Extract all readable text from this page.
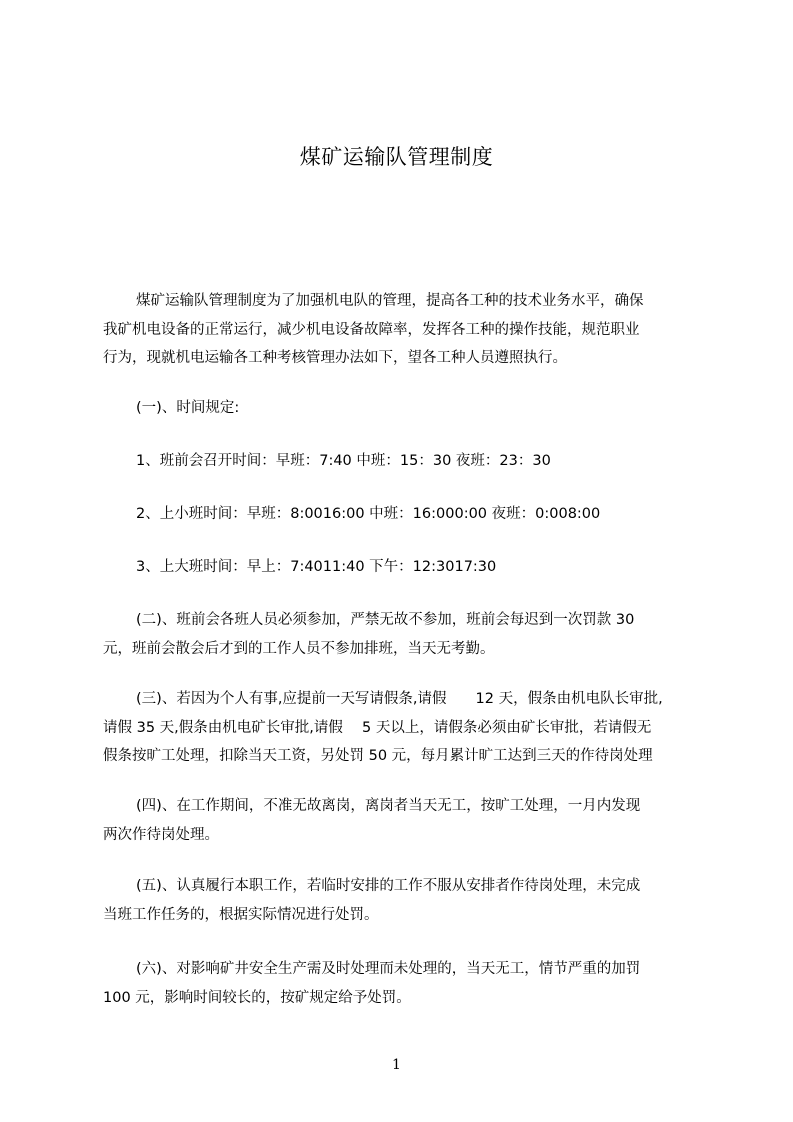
煤矿运输队管理制度
煤矿运输队管理制度为了加强机电队的管理，提高各工种的技术业务水平，确保
我矿机电设备的正常运行，减少机电设备故障率，发挥各工种的操作技能，规范职业
行为，现就机电运输各工种考核管理办法如下，望各工种人员遵照执行。
(一)、时间规定:
1、班前会召开时间：早班：7:40 中班：15：30 夜班：23：30
2、上小班时间：早班：8:0016:00 中班：16:000:00 夜班：0:008:00
3、上大班时间：早上：7:4011:40 下午：12:3017:30
(二)、班前会各班人员必须参加，严禁无故不参加，班前会每迟到一次罚款 30
元，班前会散会后才到的工作人员不参加排班，当天无考勤。
(三)、若因为个人有事,应提前一天写请假条,请假　　12 天，假条由机电队长审批,
请假 35 天,假条由机电矿长审批,请假　 5 天以上，请假条必须由矿长审批，若请假无
假条按旷工处理，扣除当天工资，另处罚 50 元，每月累计旷工达到三天的作待岗处理
(四)、在工作期间，不准无故离岗，离岗者当天无工，按旷工处理，一月内发现
两次作待岗处理。
(五)、认真履行本职工作，若临时安排的工作不服从安排者作待岗处理，未完成
当班工作任务的，根据实际情况进行处罚。
(六)、对影响矿井安全生产需及时处理而未处理的，当天无工，情节严重的加罚
100 元，影响时间较长的，按矿规定给予处罚。
1
